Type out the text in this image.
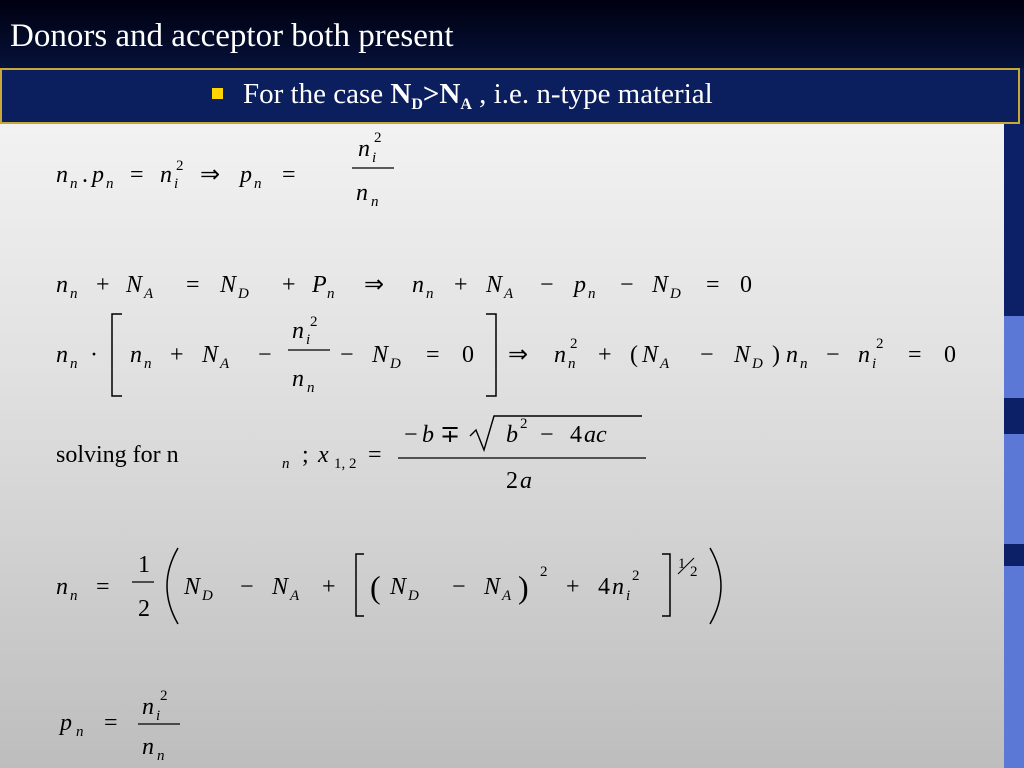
Donors and acceptor both present
For the case $N_D>N_A$ , i.e. n-type material
n n . p n = n i
2 ⇒ p n =
n i
2
n n
n n + N A = N D + P n ⇒ n n + N A − p n − N D = 0
n n · n n + N A −
n i
2
n n
− N D = 0 ⇒ n n
2 + ( N A − N D ) n n − n i
2 = 0
solving for n	n ; x 1, 2 =
− b ∓ b 2 − 4 ac
2 a
n n =
1
2
N D − N A + ( N D − N A ) 2
+ 4 n i
2
1 2
p n =
n i
2
n n
